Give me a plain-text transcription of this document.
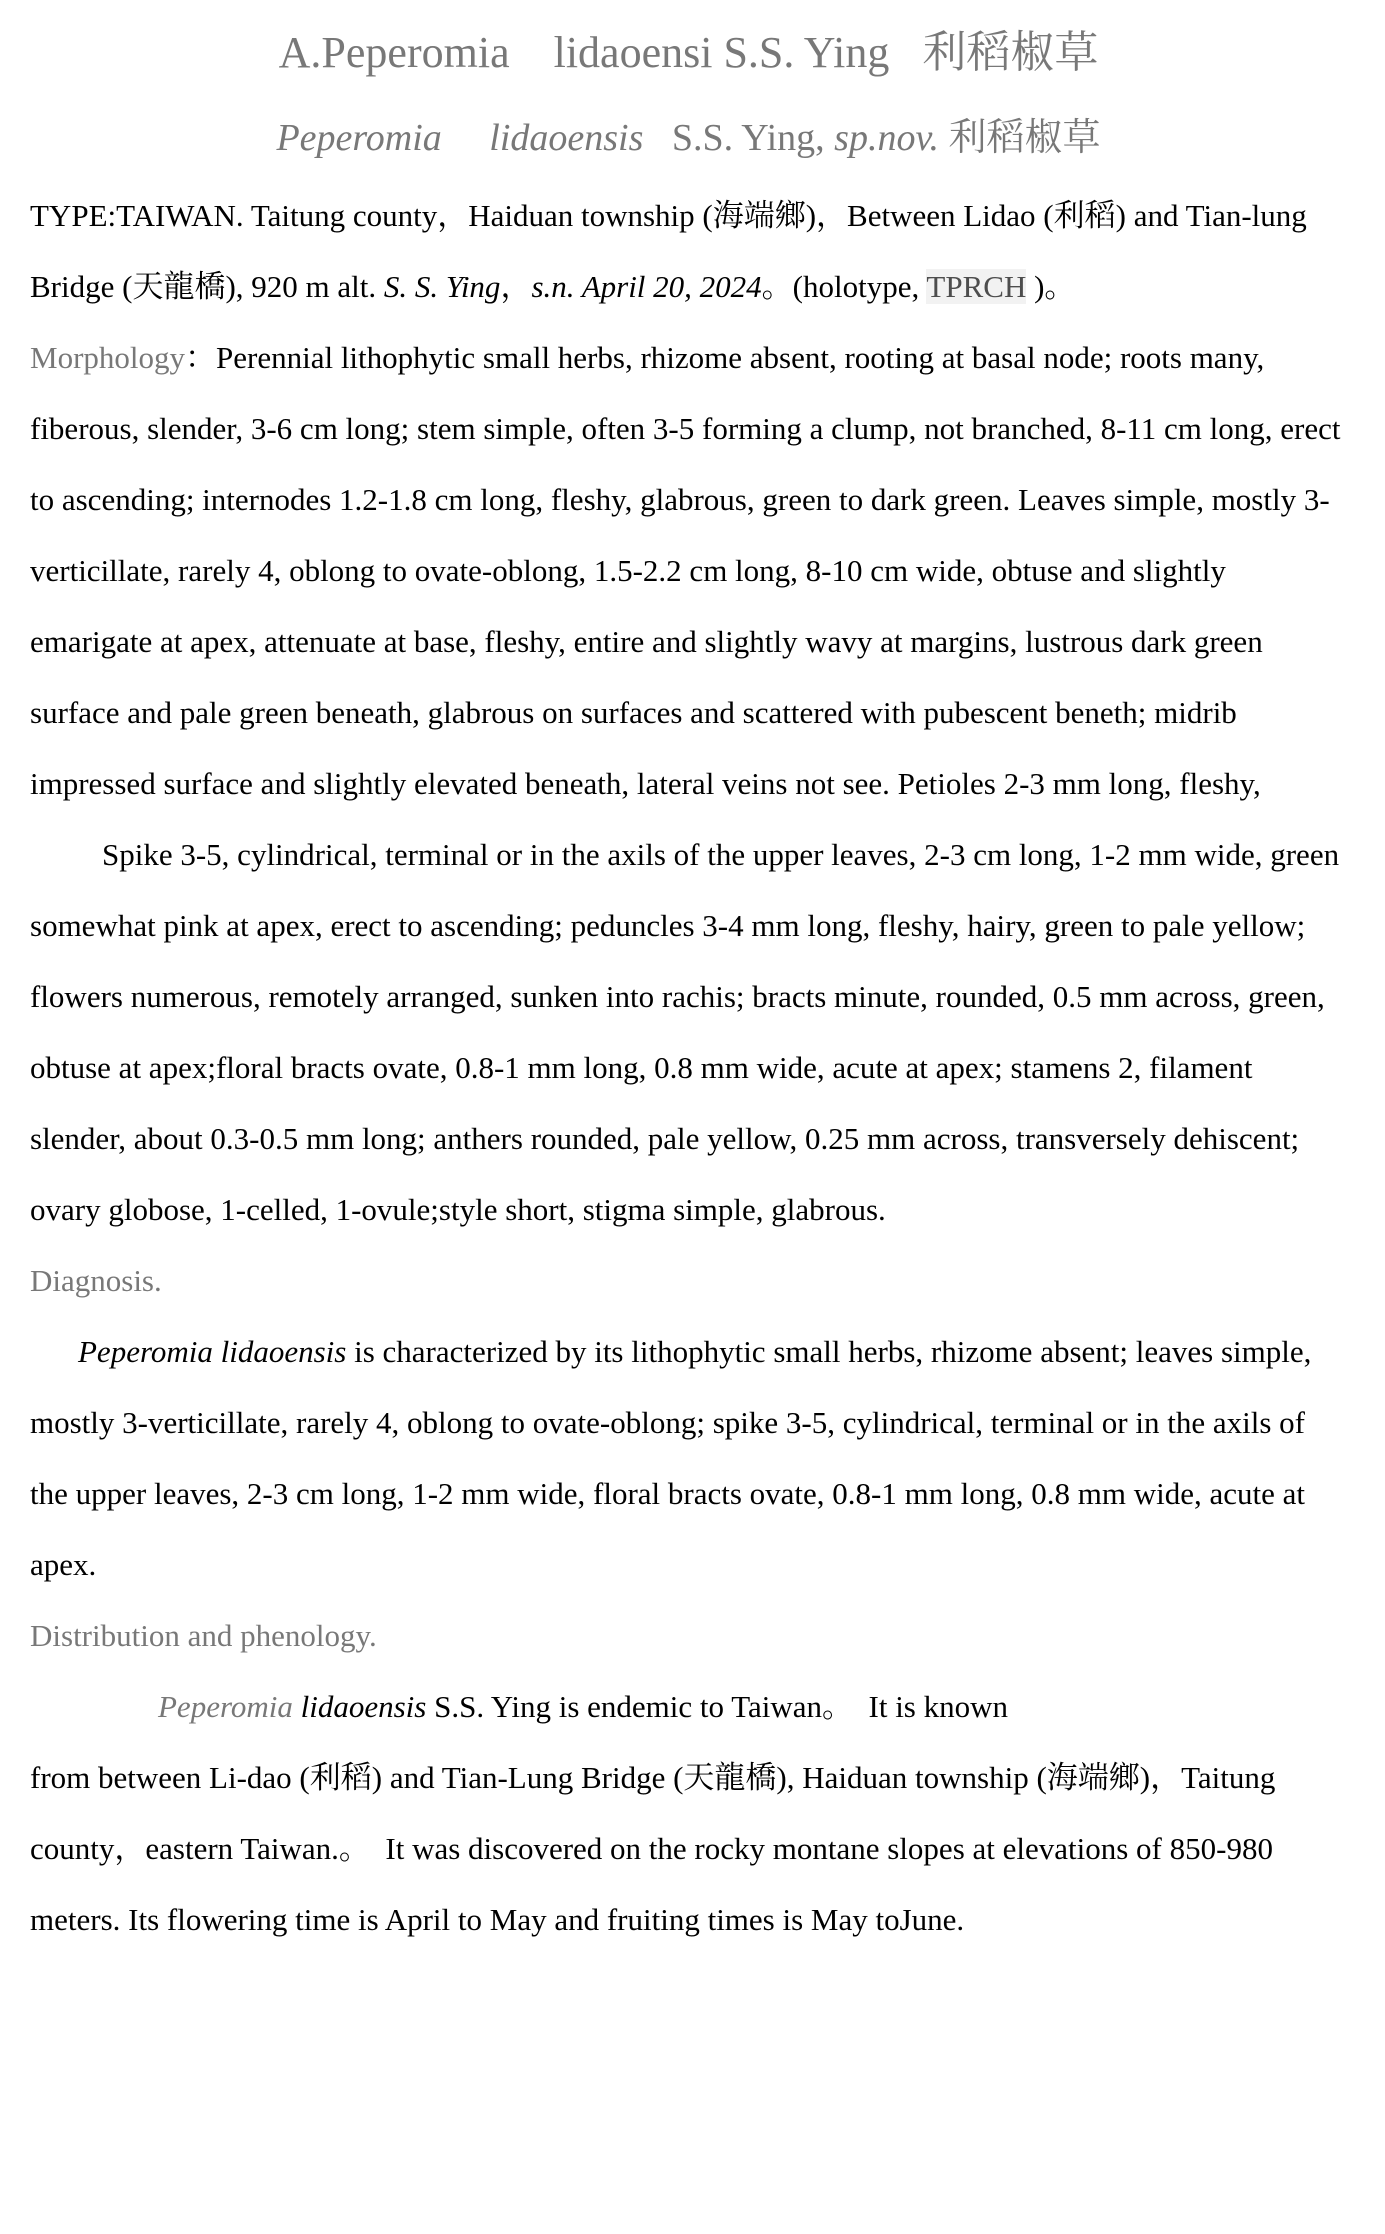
A.Peperomia    lidaoensi S.S. Ying   利稻椒草

Peperomia lidaoensis   S.S. Ying, sp.nov. 利稻椒草

TYPE:TAIWAN. Taitung county，Haiduan township (海端鄉)，Between Lidao (利稻) and Tian-lung Bridge (天龍橋), 920 m alt. S. S. Ying，s.n. April 20, 2024。(holotype, TPRCH )。

Morphology：Perennial lithophytic small herbs, rhizome absent, rooting at basal node; roots many, fiberous, slender, 3-6 cm long; stem simple, often 3-5 forming a clump, not branched, 8-11 cm long, erect to ascending; internodes 1.2-1.8 cm long, fleshy, glabrous, green to dark green. Leaves simple, mostly 3-verticillate, rarely 4, oblong to ovate-oblong, 1.5-2.2 cm long, 8-10 cm wide, obtuse and slightly emarigate at apex, attenuate at base, fleshy, entire and slightly wavy at margins, lustrous dark green surface and pale green beneath, glabrous on surfaces and scattered with pubescent beneth; midrib impressed surface and slightly elevated beneath, lateral veins not see. Petioles 2-3 mm long, fleshy,

Spike 3-5, cylindrical, terminal or in the axils of the upper leaves, 2-3 cm long, 1-2 mm wide, green somewhat pink at apex, erect to ascending; peduncles 3-4 mm long, fleshy, hairy, green to pale yellow; flowers numerous, remotely arranged, sunken into rachis; bracts minute, rounded, 0.5 mm across, green, obtuse at apex;floral bracts ovate, 0.8-1 mm long, 0.8 mm wide, acute at apex; stamens 2, filament slender, about 0.3-0.5 mm long; anthers rounded, pale yellow, 0.25 mm across, transversely dehiscent; ovary globose, 1-celled, 1-ovule;style short, stigma simple, glabrous.

Diagnosis.

Peperomia lidaoensis is characterized by its lithophytic small herbs, rhizome absent; leaves simple, mostly 3-verticillate, rarely 4, oblong to ovate-oblong; spike 3-5, cylindrical, terminal or in the axils of the upper leaves, 2-3 cm long, 1-2 mm wide, floral bracts ovate, 0.8-1 mm long, 0.8 mm wide, acute at apex.

Distribution and phenology.

Peperomia lidaoensis S.S. Ying is endemic to Taiwan。  It is known
from between Li-dao (利稻) and Tian-Lung Bridge (天龍橋), Haiduan township (海端鄉)，Taitung county，eastern Taiwan.。  It was discovered on the rocky montane slopes at elevations of 850-980 meters. Its flowering time is April to May and fruiting times is May toJune.
